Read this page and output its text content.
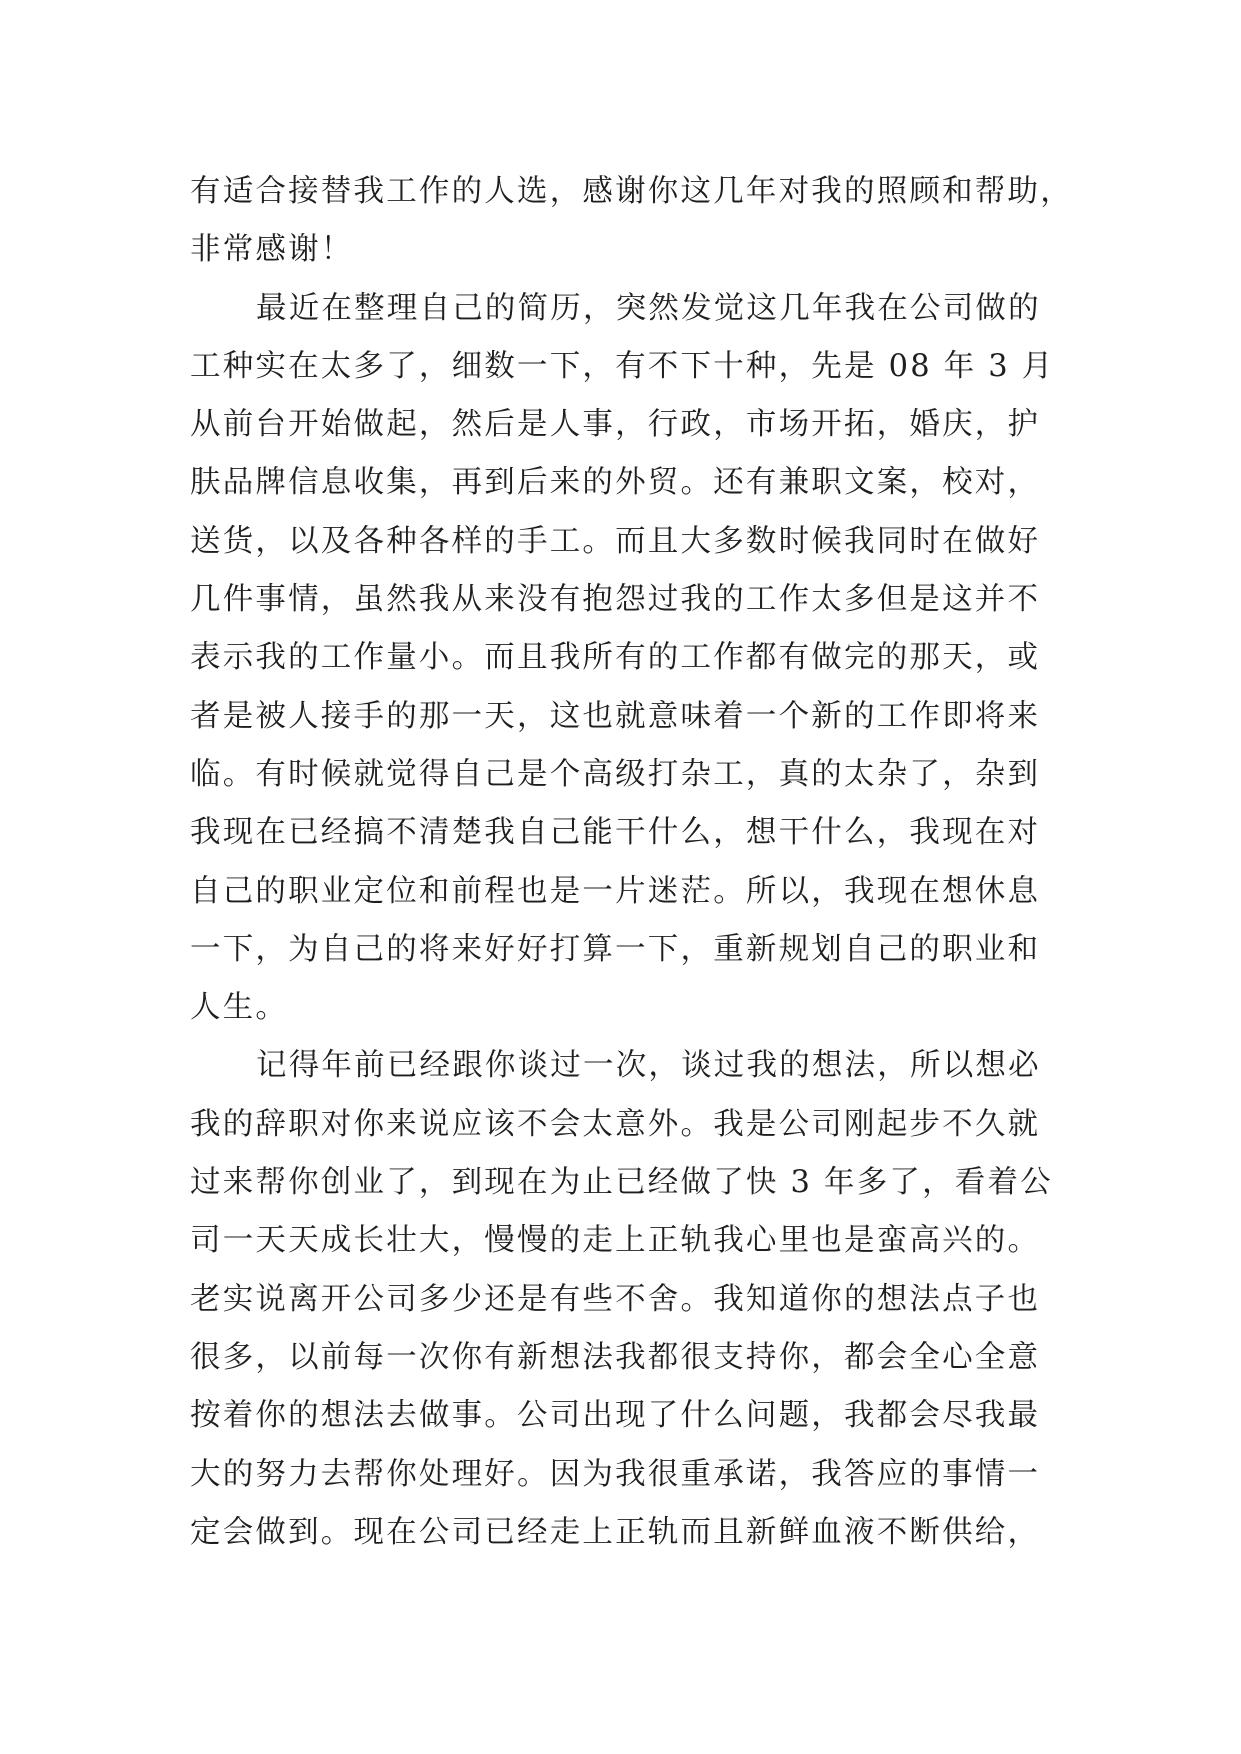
有适合接替我工作的人选，感谢你这几年对我的照顾和帮助，
非常感谢！
最近在整理自己的简历，突然发觉这几年我在公司做的
工种实在太多了，细数一下，有不下十种，先是 08 年 3 月
从前台开始做起，然后是人事，行政，市场开拓，婚庆，护
肤品牌信息收集，再到后来的外贸。还有兼职文案，校对，
送货，以及各种各样的手工。而且大多数时候我同时在做好
几件事情，虽然我从来没有抱怨过我的工作太多但是这并不
表示我的工作量小。而且我所有的工作都有做完的那天，或
者是被人接手的那一天，这也就意味着一个新的工作即将来
临。有时候就觉得自己是个高级打杂工，真的太杂了，杂到
我现在已经搞不清楚我自己能干什么，想干什么，我现在对
自己的职业定位和前程也是一片迷茫。所以，我现在想休息
一下，为自己的将来好好打算一下，重新规划自己的职业和
人生。
记得年前已经跟你谈过一次，谈过我的想法，所以想必
我的辞职对你来说应该不会太意外。我是公司刚起步不久就
过来帮你创业了，到现在为止已经做了快 3 年多了，看着公
司一天天成长壮大，慢慢的走上正轨我心里也是蛮高兴的。
老实说离开公司多少还是有些不舍。我知道你的想法点子也
很多，以前每一次你有新想法我都很支持你，都会全心全意
按着你的想法去做事。公司出现了什么问题，我都会尽我最
大的努力去帮你处理好。因为我很重承诺，我答应的事情一
定会做到。现在公司已经走上正轨而且新鲜血液不断供给，
